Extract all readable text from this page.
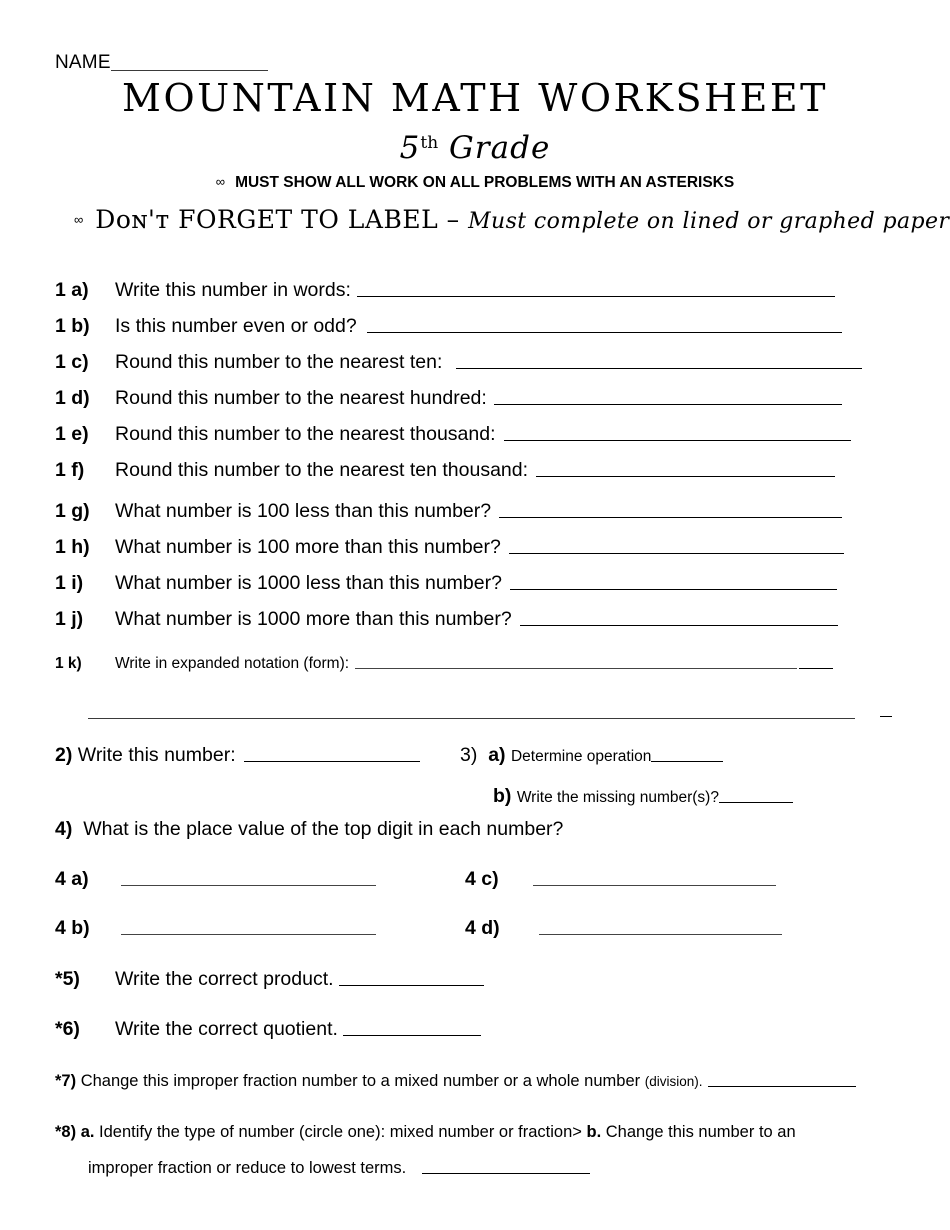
NAME
MOUNTAIN MATH WORKSHEET
5th Grade
∞ MUST SHOW ALL WORK ON ALL PROBLEMS WITH AN ASTERISKS
∞ Dᴏɴ'ᴛ FORGET TO LABEL – Must complete on lined or graphed paper
1 a) Write this number in words:
1 b) Is this number even or odd?
1 c) Round this number to the nearest ten:
1 d) Round this number to the nearest hundred:
1 e) Round this number to the nearest thousand:
1 f) Round this number to the nearest ten thousand:
1 g) What number is 100 less than this number?
1 h) What number is 100 more than this number?
1 i) What number is 1000 less than this number?
1 j) What number is 1000 more than this number?
1 k) Write in expanded notation (form):
2) Write this number:	3) a) Determine operation
b) Write the missing number(s)?
4) What is the place value of the top digit in each number?
4 a)
4 b)
4 c)
4 d)
*5) Write the correct product.
*6) Write the correct quotient.
*7) Change this improper fraction number to a mixed number or a whole number (division).
*8) a. Identify the type of number (circle one): mixed number or fraction> b. Change this number to an
improper fraction or reduce to lowest terms.
